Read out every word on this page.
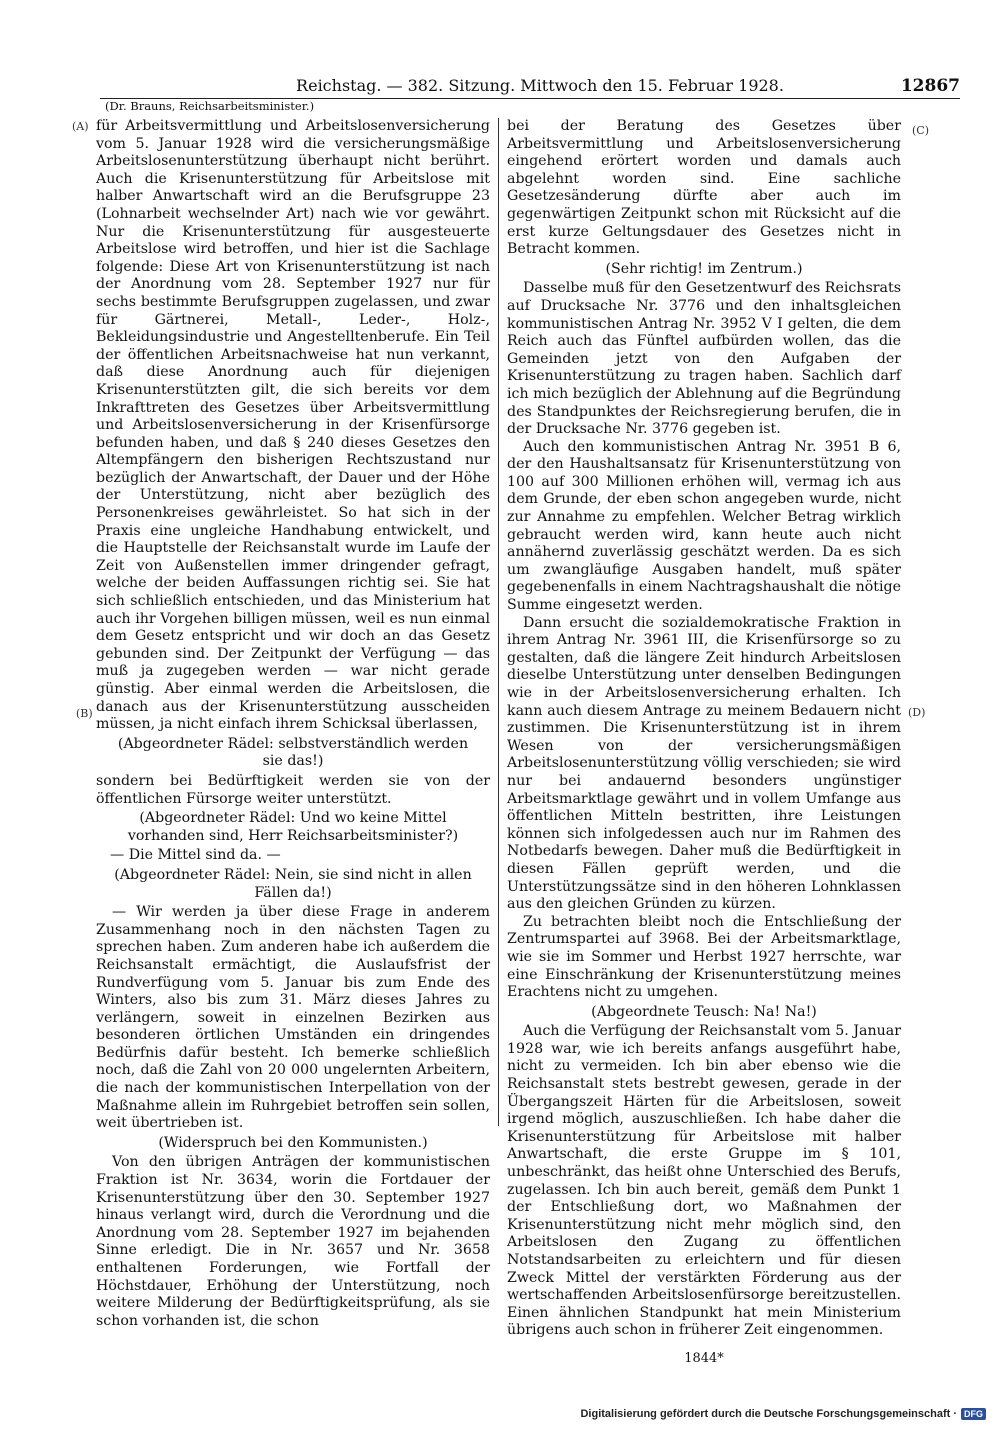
Reichstag. — 382. Sitzung. Mittwoch den 15. Februar 1928.	12867
(Dr. Brauns, Reichsarbeitsminister.)
(A)
(B)
(C)
(D)

für Arbeitsvermittlung und Arbeitslosenversicherung vom 5. Januar 1928 wird die versicherungsmäßige Arbeitslosenunterstützung überhaupt nicht berührt. Auch die Krisenunterstützung für Arbeitslose mit halber Anwartschaft wird an die Berufsgruppe 23 (Lohnarbeit wechselnder Art) nach wie vor gewährt. Nur die Krisenunterstützung für ausgesteuerte Arbeitslose wird betroffen, und hier ist die Sachlage folgende: Diese Art von Krisenunterstützung ist nach der Anordnung vom 28. September 1927 nur für sechs bestimmte Berufsgruppen zugelassen, und zwar für Gärtnerei, Metall-, Leder-, Holz-, Bekleidungsindustrie und Angestelltenberufe. Ein Teil der öffentlichen Arbeitsnachweise hat nun verkannt, daß diese Anordnung auch für diejenigen Krisenunterstützten gilt, die sich bereits vor dem Inkrafttreten des Gesetzes über Arbeitsvermittlung und Arbeitslosenversicherung in der Krisenfürsorge befunden haben, und daß § 240 dieses Gesetzes den Altempfängern den bisherigen Rechtszustand nur bezüglich der Anwartschaft, der Dauer und der Höhe der Unterstützung, nicht aber bezüglich des Personenkreises gewährleistet. So hat sich in der Praxis eine ungleiche Handhabung entwickelt, und die Hauptstelle der Reichsanstalt wurde im Laufe der Zeit von Außenstellen immer dringender gefragt, welche der beiden Auffassungen richtig sei. Sie hat sich schließlich entschieden, und das Ministerium hat auch ihr Vorgehen billigen müssen, weil es nun einmal dem Gesetz entspricht und wir doch an das Gesetz gebunden sind. Der Zeitpunkt der Verfügung — das muß ja zugegeben werden — war nicht gerade günstig. Aber einmal werden die Arbeitslosen, die danach aus der Krisenunterstützung ausscheiden müssen, ja nicht einfach ihrem Schicksal überlassen,

(Abgeordneter Rädel: selbstverständlich werden sie das!)

sondern bei Bedürftigkeit werden sie von der öffentlichen Fürsorge weiter unterstützt.

(Abgeordneter Rädel: Und wo keine Mittel vorhanden sind, Herr Reichsarbeitsminister?)

— Die Mittel sind da. —

(Abgeordneter Rädel: Nein, sie sind nicht in allen Fällen da!)

— Wir werden ja über diese Frage in anderem Zusammenhang noch in den nächsten Tagen zu sprechen haben. Zum anderen habe ich außerdem die Reichsanstalt ermächtigt, die Auslaufsfrist der Rundverfügung vom 5. Januar bis zum Ende des Winters, also bis zum 31. März dieses Jahres zu verlängern, soweit in einzelnen Bezirken aus besonderen örtlichen Umständen ein dringendes Bedürfnis dafür besteht. Ich bemerke schließlich noch, daß die Zahl von 20 000 ungelernten Arbeitern, die nach der kommunistischen Interpellation von der Maßnahme allein im Ruhrgebiet betroffen sein sollen, weit übertrieben ist.

(Widerspruch bei den Kommunisten.)

Von den übrigen Anträgen der kommunistischen Fraktion ist Nr. 3634, worin die Fortdauer der Krisenunterstützung über den 30. September 1927 hinaus verlangt wird, durch die Verordnung und die Anordnung vom 28. September 1927 im bejahenden Sinne erledigt. Die in Nr. 3657 und Nr. 3658 enthaltenen Forderungen, wie Fortfall der Höchstdauer, Erhöhung der Unterstützung, noch weitere Milderung der Bedürftigkeitsprüfung, als sie schon vorhanden ist, die schon

bei der Beratung des Gesetzes über Arbeitsvermittlung und Arbeitslosenversicherung eingehend erörtert worden und damals auch abgelehnt worden sind. Eine sachliche Gesetzesänderung dürfte aber auch im gegenwärtigen Zeitpunkt schon mit Rücksicht auf die erst kurze Geltungsdauer des Gesetzes nicht in Betracht kommen.

(Sehr richtig! im Zentrum.)

Dasselbe muß für den Gesetzentwurf des Reichsrats auf Drucksache Nr. 3776 und den inhaltsgleichen kommunistischen Antrag Nr. 3952 V I gelten, die dem Reich auch das Fünftel aufbürden wollen, das die Gemeinden jetzt von den Aufgaben der Krisenunterstützung zu tragen haben. Sachlich darf ich mich bezüglich der Ablehnung auf die Begründung des Standpunktes der Reichsregierung berufen, die in der Drucksache Nr. 3776 gegeben ist.

Auch den kommunistischen Antrag Nr. 3951 B 6, der den Haushaltsansatz für Krisenunterstützung von 100 auf 300 Millionen erhöhen will, vermag ich aus dem Grunde, der eben schon angegeben wurde, nicht zur Annahme zu empfehlen. Welcher Betrag wirklich gebraucht werden wird, kann heute auch nicht annähernd zuverlässig geschätzt werden. Da es sich um zwangläufige Ausgaben handelt, muß später gegebenenfalls in einem Nachtragshaushalt die nötige Summe eingesetzt werden.

Dann ersucht die sozialdemokratische Fraktion in ihrem Antrag Nr. 3961 III, die Krisenfürsorge so zu gestalten, daß die längere Zeit hindurch Arbeitslosen dieselbe Unterstützung unter denselben Bedingungen wie in der Arbeitslosenversicherung erhalten. Ich kann auch diesem Antrage zu meinem Bedauern nicht zustimmen. Die Krisenunterstützung ist in ihrem Wesen von der versicherungsmäßigen Arbeitslosenunterstützung völlig verschieden; sie wird nur bei andauernd besonders ungünstiger Arbeitsmarktlage gewährt und in vollem Umfange aus öffentlichen Mitteln bestritten, ihre Leistungen können sich infolgedessen auch nur im Rahmen des Notbedarfs bewegen. Daher muß die Bedürftigkeit in diesen Fällen geprüft werden, und die Unterstützungssätze sind in den höheren Lohnklassen aus den gleichen Gründen zu kürzen.

Zu betrachten bleibt noch die Entschließung der Zentrumspartei auf 3968. Bei der Arbeitsmarktlage, wie sie im Sommer und Herbst 1927 herrschte, war eine Einschränkung der Krisenunterstützung meines Erachtens nicht zu umgehen.

(Abgeordnete Teusch: Na! Na!)

Auch die Verfügung der Reichsanstalt vom 5. Januar 1928 war, wie ich bereits anfangs ausgeführt habe, nicht zu vermeiden. Ich bin aber ebenso wie die Reichsanstalt stets bestrebt gewesen, gerade in der Übergangszeit Härten für die Arbeitslosen, soweit irgend möglich, auszuschließen. Ich habe daher die Krisenunterstützung für Arbeitslose mit halber Anwartschaft, die erste Gruppe im § 101, unbeschränkt, das heißt ohne Unterschied des Berufs, zugelassen. Ich bin auch bereit, gemäß dem Punkt 1 der Entschließung dort, wo Maßnahmen der Krisenunterstützung nicht mehr möglich sind, den Arbeitslosen den Zugang zu öffentlichen Notstandsarbeiten zu erleichtern und für diesen Zweck Mittel der verstärkten Förderung aus der wertschaffenden Arbeitslosenfürsorge bereitzustellen. Einen ähnlichen Standpunkt hat mein Ministerium übrigens auch schon in früherer Zeit eingenommen.

1844*

Digitalisierung gefördert durch die Deutsche Forschungsgemeinschaft · DFG
